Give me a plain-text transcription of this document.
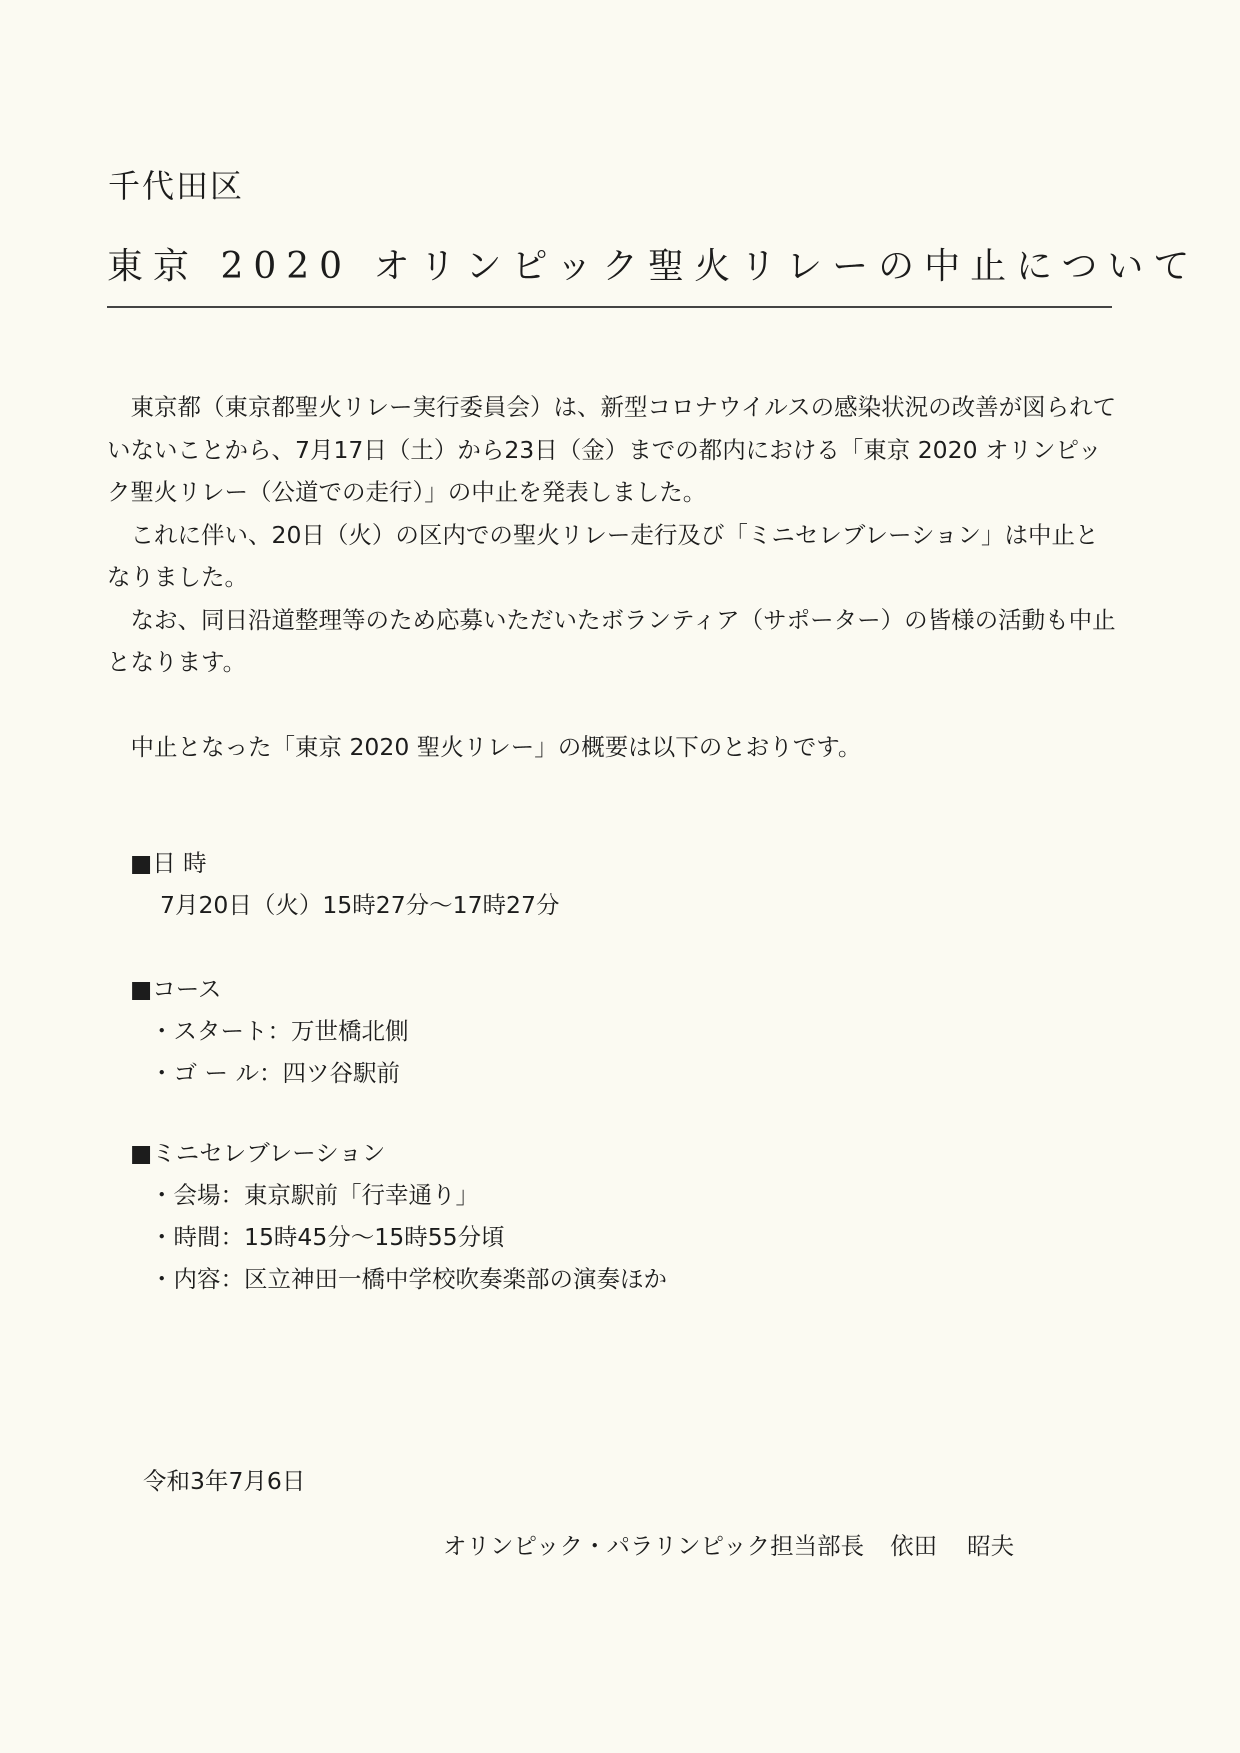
千代田区
東京 2020 オリンピック聖火リレーの中止について

東京都（東京都聖火リレー実行委員会）は、新型コロナウイルスの感染状況の改善が図られていないことから、7月17日（土）から23日（金）までの都内における「東京 2020 オリンピック聖火リレー（公道での走行）」の中止を発表しました。

これに伴い、20日（火）の区内での聖火リレー走行及び「ミニセレブレーション」は中止となりました。

なお、同日沿道整理等のため応募いただいたボランティア（サポーター）の皆様の活動も中止となります。

中止となった「東京 2020 聖火リレー」の概要は以下のとおりです。

■日 時
7月20日（火）15時27分～17時27分
■コース
・スタート：万世橋北側
・ゴ ー ル：四ツ谷駅前
■ミニセレブレーション
・会場：東京駅前「行幸通り」
・時間：15時45分～15時55分頃
・内容：区立神田一橋中学校吹奏楽部の演奏ほか
令和3年7月6日
オリンピック・パラリンピック担当部長 依田 昭夫
